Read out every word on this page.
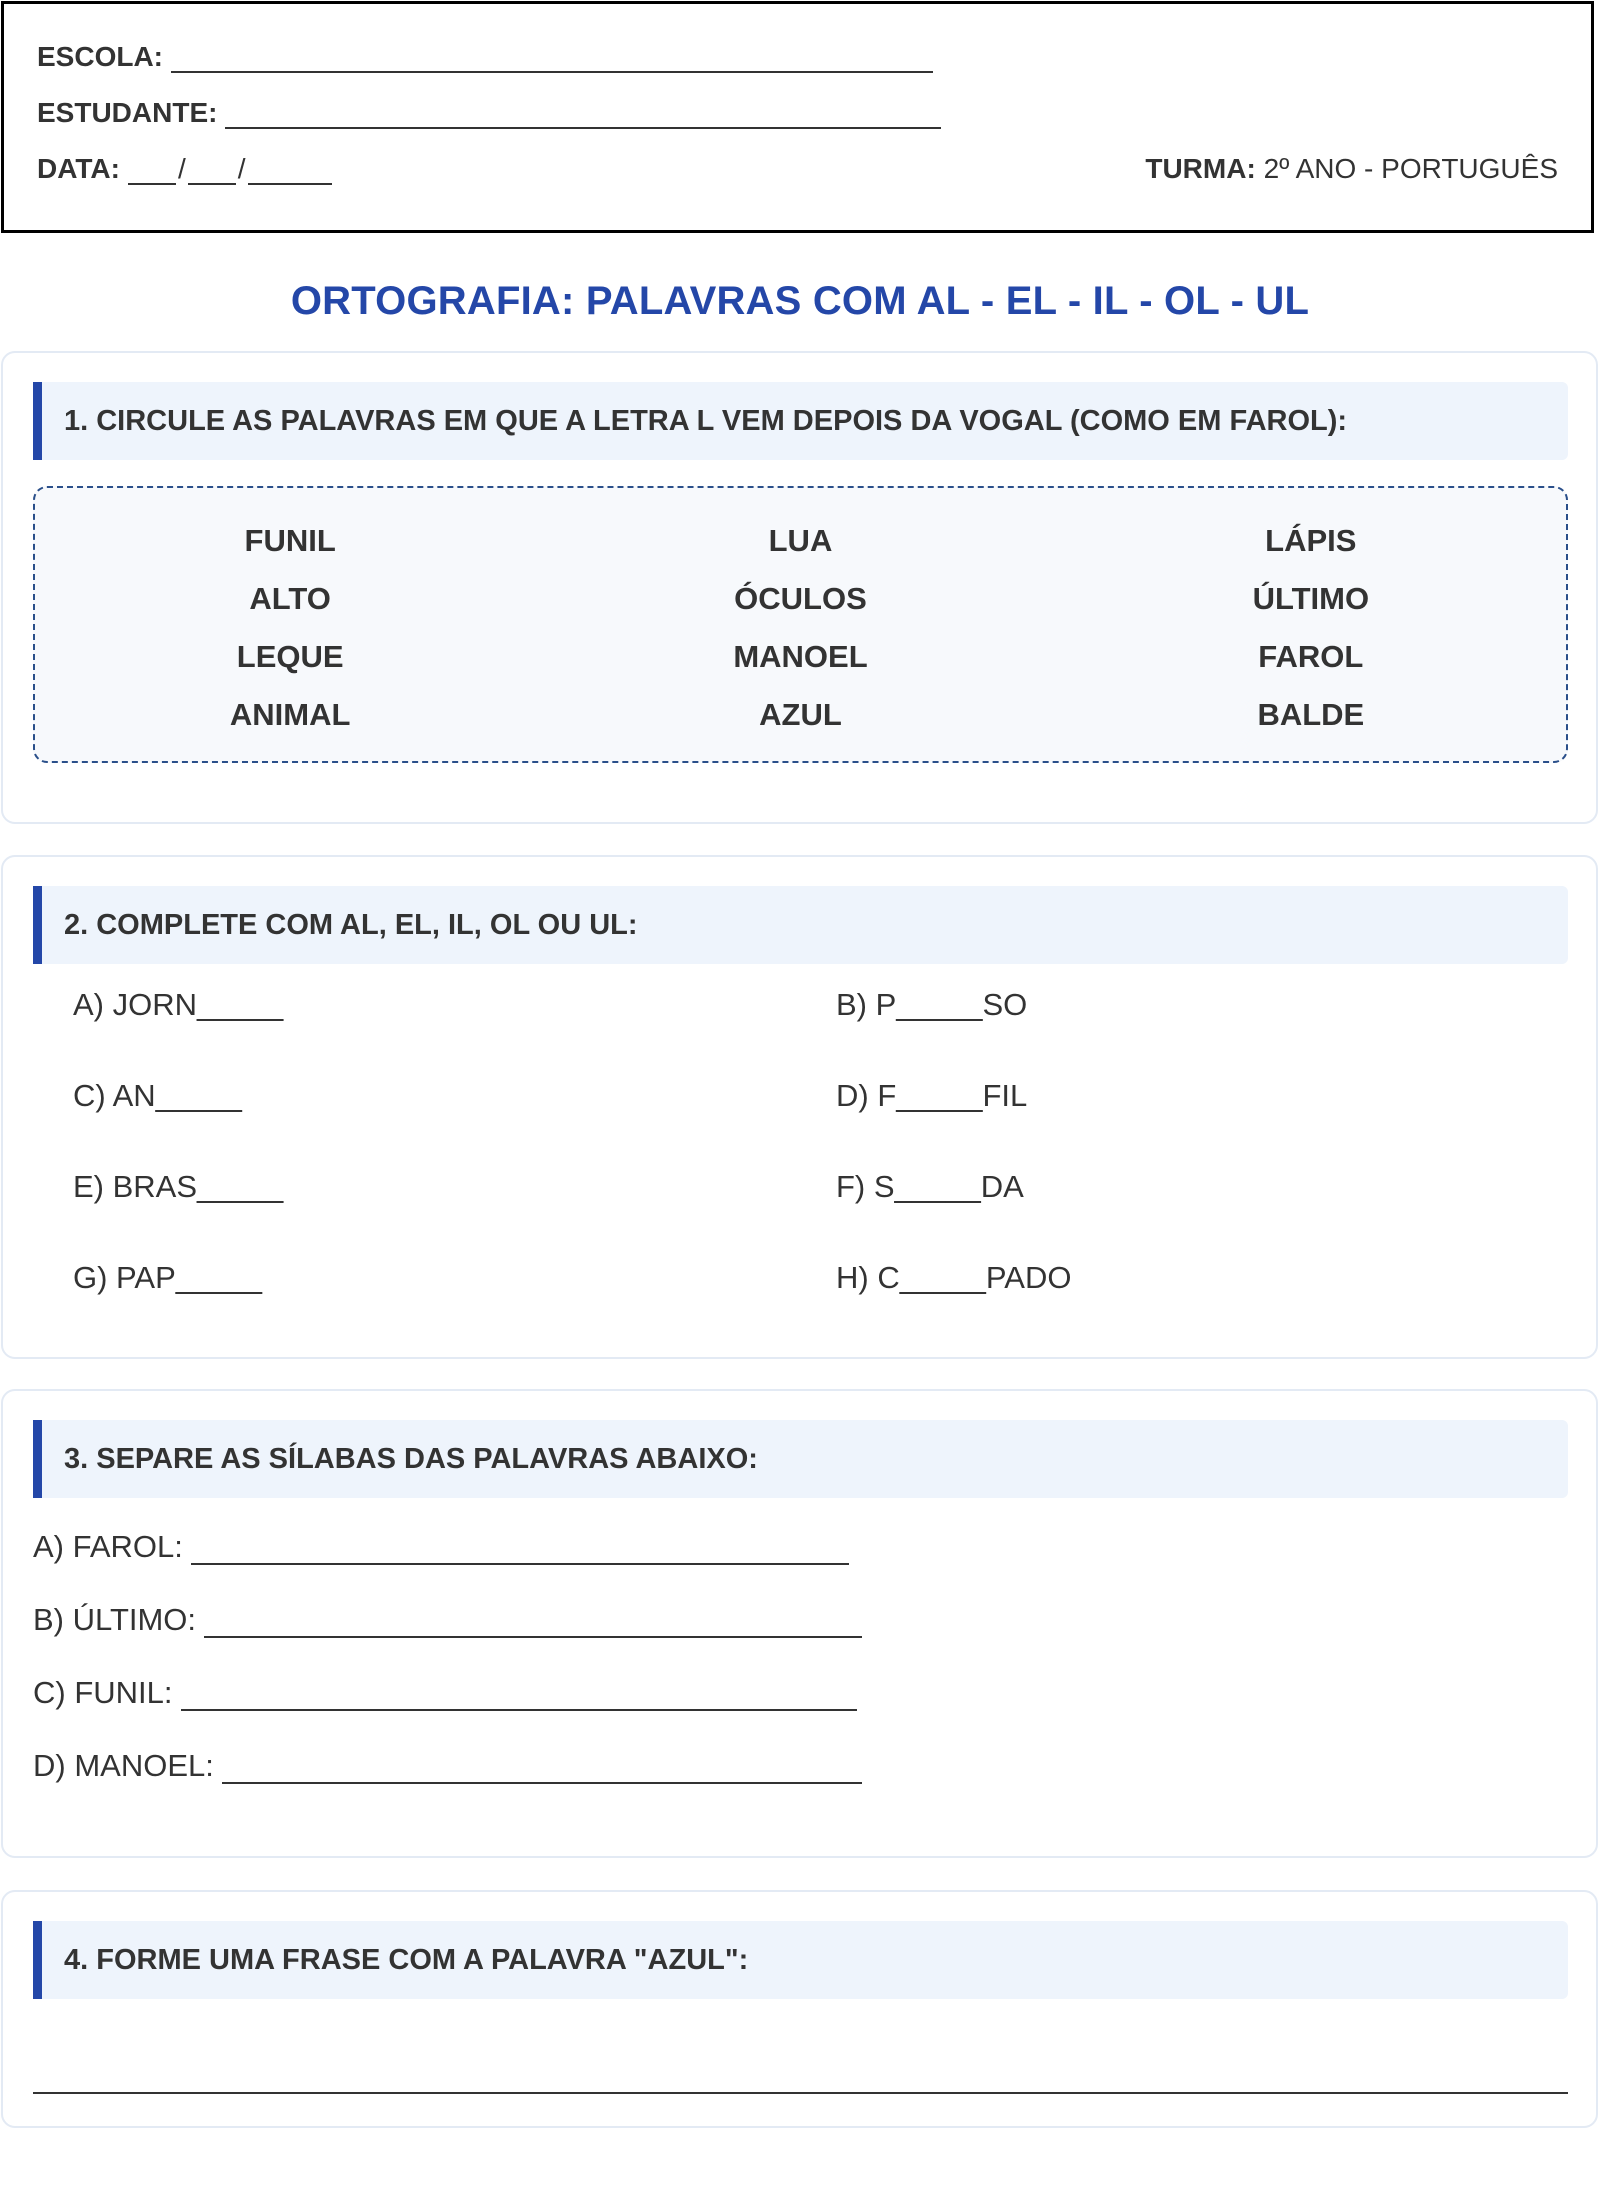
ESCOLA:
ESTUDANTE:
DATA: / /	TURMA: 2º ANO - PORTUGUÊS
ORTOGRAFIA: PALAVRAS COM AL - EL - IL - OL - UL
1. CIRCULE AS PALAVRAS EM QUE A LETRA L VEM DEPOIS DA VOGAL (COMO EM FAROL):
FUNIL	LUA	LÁPIS
ALTO	ÓCULOS	ÚLTIMO
LEQUE	MANOEL	FAROL
ANIMAL	AZUL	BALDE
2. COMPLETE COM AL, EL, IL, OL OU UL:
A) JORN_____	B) P_____SO
C) AN_____	D) F_____FIL
E) BRAS_____	F) S_____DA
G) PAP_____	H) C_____PADO
3. SEPARE AS SÍLABAS DAS PALAVRAS ABAIXO:
A) FAROL:
B) ÚLTIMO:
C) FUNIL:
D) MANOEL:
4. FORME UMA FRASE COM A PALAVRA "AZUL":
